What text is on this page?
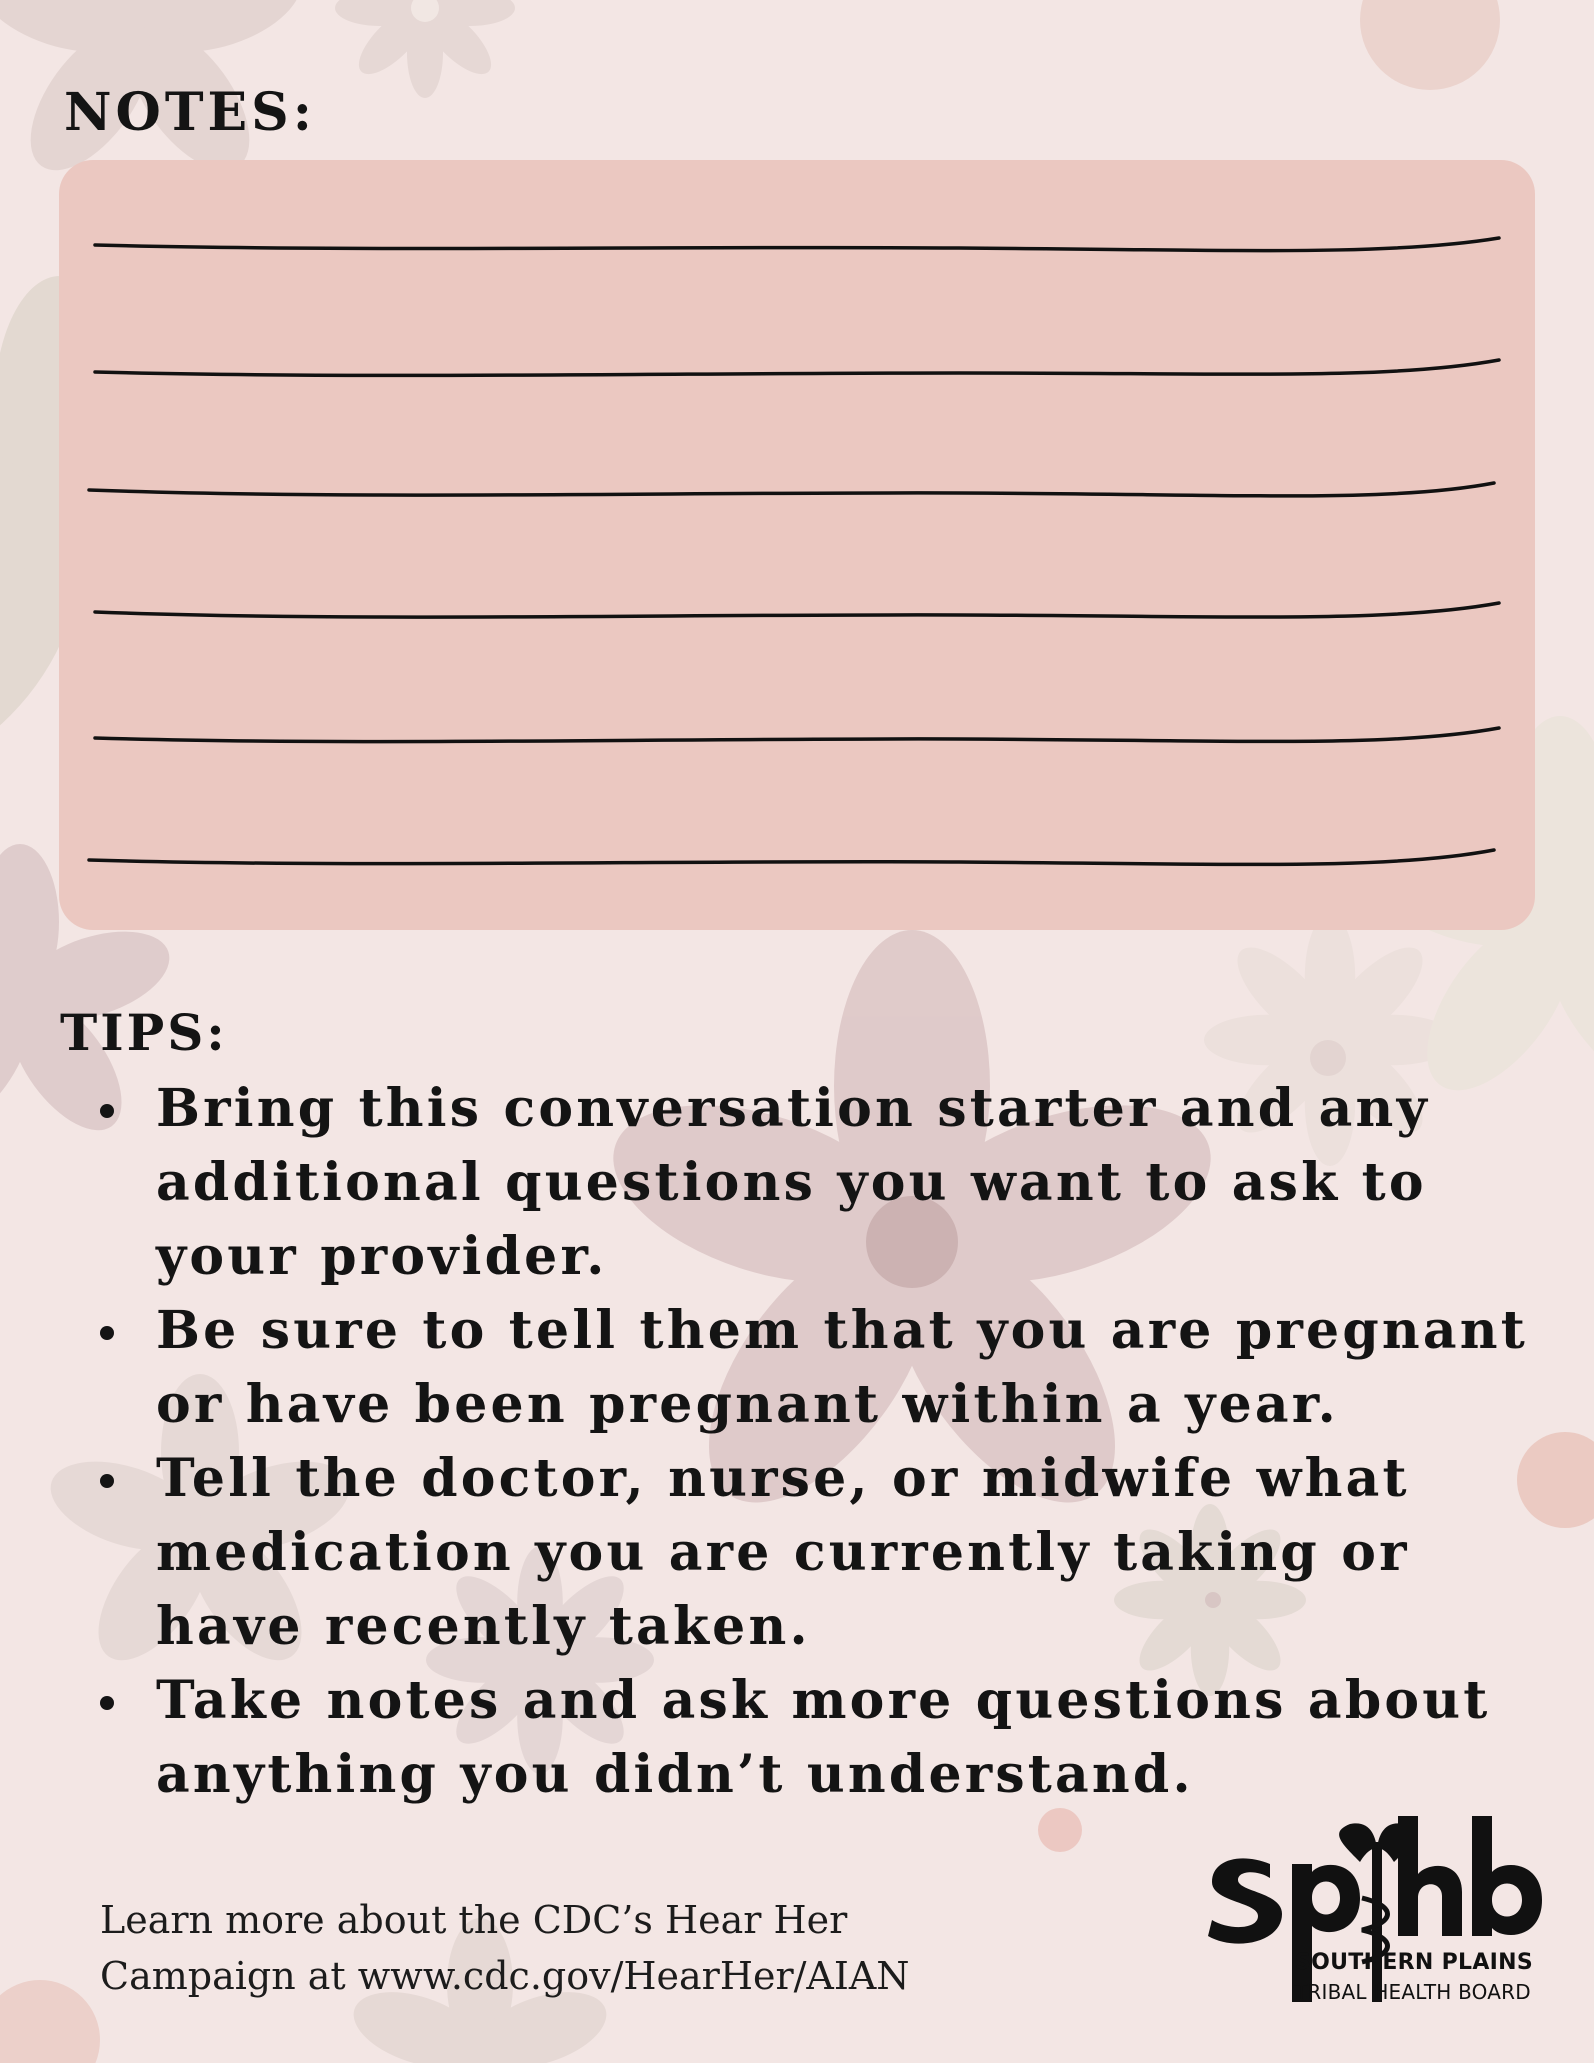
NOTES:
TIPS:
Bring this conversation starter and any additional questions you want to ask to your provider.
Be sure to tell them that you are pregnant or have been pregnant within a year.
Tell the doctor, nurse, or midwife what medication you are currently taking or have recently taken.
Take notes and ask more questions about anything you didn’t understand.
Learn more about the CDC’s Hear Her
Campaign at www.cdc.gov/HearHer/AIAN	SOUTHERN PLAINS
TRIBAL HEALTH BOARD
